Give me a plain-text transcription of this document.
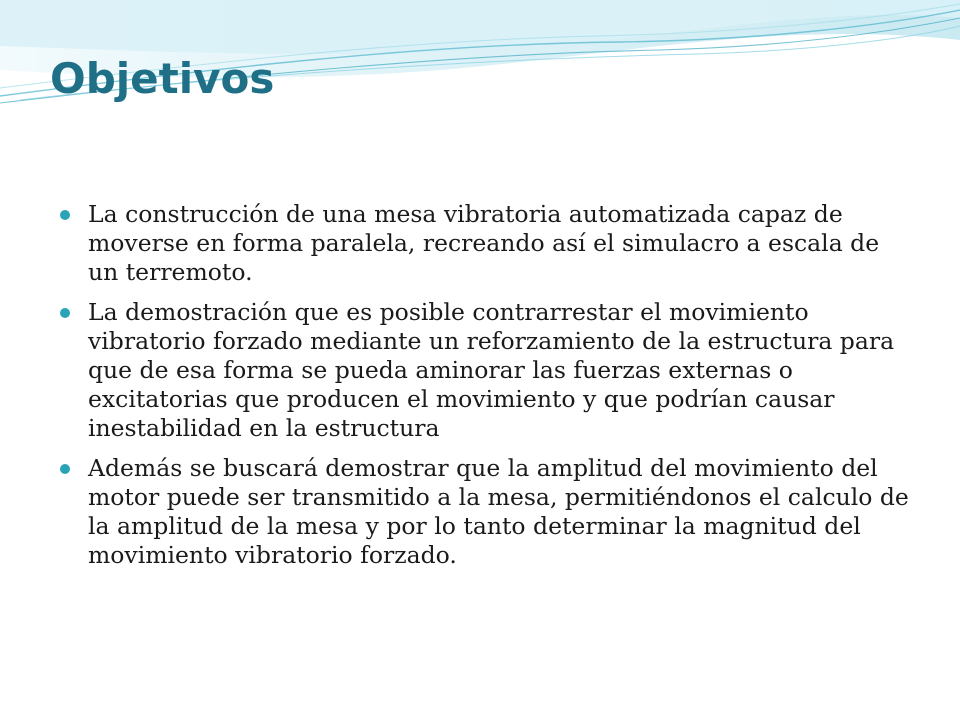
Objetivos
La construcción de una mesa vibratoria automatizada capaz de moverse en forma paralela, recreando así el simulacro a escala de un terremoto.
La demostración que es posible contrarrestar el movimiento vibratorio forzado mediante un reforzamiento de la estructura para que de esa forma se pueda aminorar las fuerzas externas o excitatorias que producen el movimiento y que podrían causar inestabilidad en la estructura
Además se buscará demostrar que la amplitud del movimiento del motor puede ser transmitido a la mesa, permitiéndonos el calculo de la amplitud de la mesa y por lo tanto determinar la magnitud del movimiento vibratorio forzado.
